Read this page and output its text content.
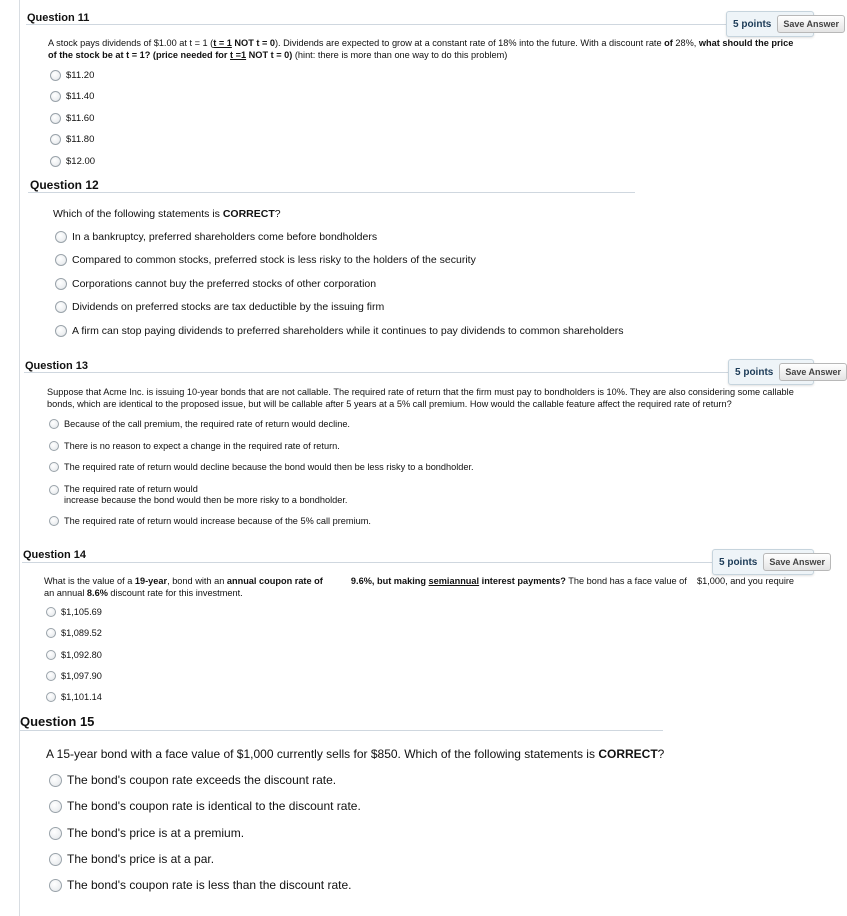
Question 11	5 points	Save Answer
A stock pays dividends of $1.00 at t = 1 (t = 1 NOT t = 0). Dividends are expected to grow at a constant rate of 18% into the future. With a discount rate of 28%, what should the price of the stock be at t = 1? (price needed for t =1 NOT t = 0) (hint: there is more than one way to do this problem)
$11.20
$11.40
$11.60
$11.80
$12.00
Question 12
Which of the following statements is CORRECT?
In a bankruptcy, preferred shareholders come before bondholders
Compared to common stocks, preferred stock is less risky to the holders of the security
Corporations cannot buy the preferred stocks of other corporation
Dividends on preferred stocks are tax deductible by the issuing firm
A firm can stop paying dividends to preferred shareholders while it continues to pay dividends to common shareholders
Question 13	5 points	Save Answer
Suppose that Acme Inc. is issuing 10-year bonds that are not callable. The required rate of return that the firm must pay to bondholders is 10%. They are also considering some callable bonds, which are identical to the proposed issue, but will be callable after 5 years at a 5% call premium. How would the callable feature affect the required rate of return?
Because of the call premium, the required rate of return would decline.
There is no reason to expect a change in the required rate of return.
The required rate of return would decline because the bond would then be less risky to a bondholder.
The required rate of return would
increase because the bond would then be more risky to a bondholder.
The required rate of return would increase because of the 5% call premium.
Question 14
5 points	Save Answer
What is the value of a 19-year, bond with an annual coupon rate of	9.6%, but making semiannual interest payments? The bond has a face value of    $1,000, and you require an annual 8.6% discount rate for this investment.
$1,105.69
$1,089.52
$1,092.80
$1,097.90
$1,101.14
Question 15
A 15-year bond with a face value of $1,000 currently sells for $850. Which of the following statements is CORRECT?
The bond's coupon rate exceeds the discount rate.
The bond's coupon rate is identical to the discount rate.
The bond's price is at a premium.
The bond's price is at a par.
The bond's coupon rate is less than the discount rate.
